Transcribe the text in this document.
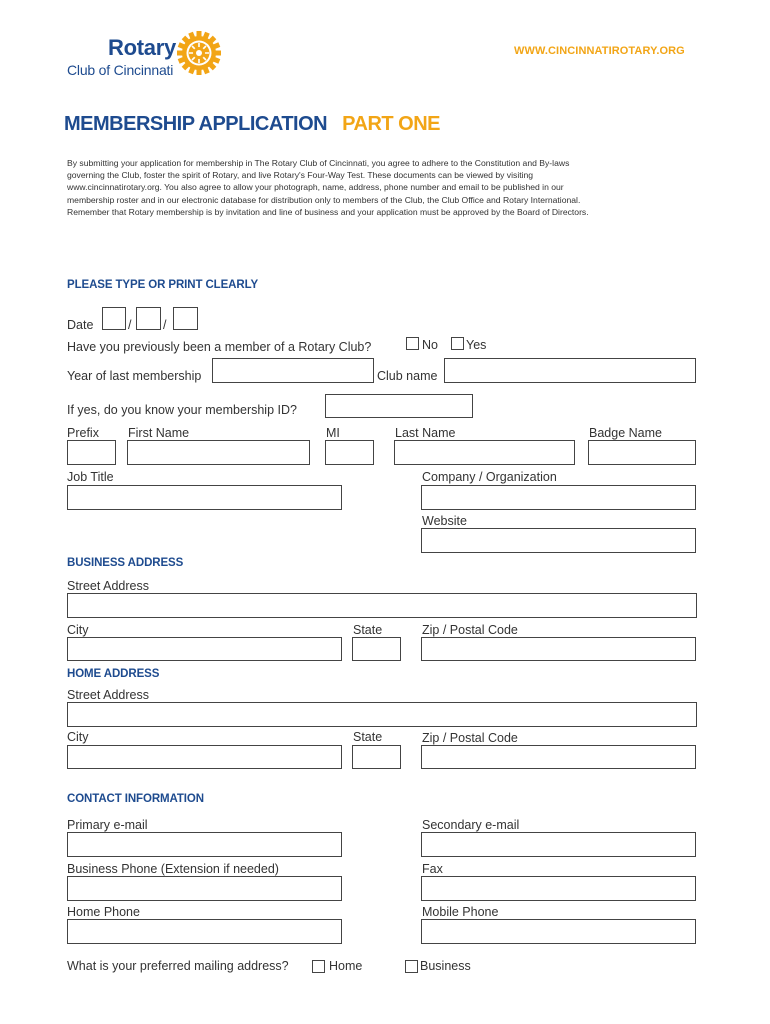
Rotary
Club of Cincinnati
WWW.CINCINNATIROTARY.ORG
MEMBERSHIP APPLICATION PART ONE
By submitting your application for membership in The Rotary Club of Cincinnati, you agree to adhere to the Constitution and By-laws
governing the Club, foster the spirit of Rotary, and live Rotary's Four-Way Test. These documents can be viewed by visiting
www.cincinnatirotary.org. You also agree to allow your photograph, name, address, phone number and email to be published in our
membership roster and in our electronic database for distribution only to members of the Club, the Club Office and Rotary International.
Remember that Rotary membership is by invitation and line of business and your application must be approved by the Board of Directors.
PLEASE TYPE OR PRINT CLEARLY
Date	/	/
Have you previously been a member of a Rotary Club?	No Yes
Year of last membership	Club name
If yes, do you know your membership ID?
Prefix First Name	MI	Last Name	Badge Name
Job Title	Company / Organization
Website
BUSINESS ADDRESS
Street Address
City	State	Zip / Postal Code
HOME ADDRESS
Street Address
City	State	Zip / Postal Code
CONTACT INFORMATION
Primary e-mail	Secondary e-mail
Business Phone (Extension if needed)	Fax
Home Phone	Mobile Phone
What is your preferred mailing address?	Home	Business
